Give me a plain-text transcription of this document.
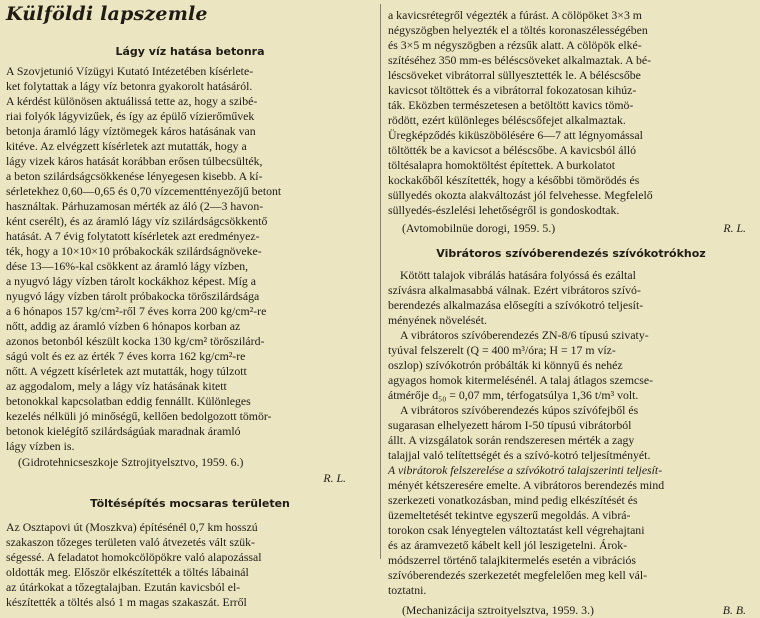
Külföldi lapszemle
Lágy víz hatása betonra
A Szovjetunió Vízügyi Kutató Intézetében kísérlete-
ket folytattak a lágy víz betonra gyakorolt hatásáról.
A kérdést különösen aktuálissá tette az, hogy a szibé-
riai folyók lágyvizűek, és így az épülő vízierőművek
betonja áramló lágy víztömegek káros hatásának van
kitéve. Az elvégzett kísérletek azt mutatták, hogy a
lágy vizek káros hatását korábban erősen túlbecsülték,
a beton szilárdságcsökkenése lényegesen kisebb. A kí-
sérletekhez 0,60—0,65 és 0,70 vízcementtényezőjű betont
használtak. Párhuzamosan mérték az áló (2—3 havon-
ként cserélt), és az áramló lágy víz szilárdságcsökkentő
hatását. A 7 évig folytatott kísérletek azt eredményez-
ték, hogy a 10×10×10 próbakockák szilárdságnöveke-
dése 13—16%-kal csökkent az áramló lágy vízben,
a nyugvó lágy vízben tárolt kockákhoz képest. Míg a
nyugvó lágy vízben tárolt próbakocka törőszilárdsága
a 6 hónapos 157 kg/cm²-ről 7 éves korra 200 kg/cm²-re
nőtt, addig az áramló vízben 6 hónapos korban az
azonos betonból készült kocka 130 kg/cm² törőszilárd-
ságú volt és ez az érték 7 éves korra 162 kg/cm²-re
nőtt. A végzett kísérletek azt mutatták, hogy túlzott
az aggodalom, mely a lágy víz hatásának kitett
betonokkal kapcsolatban eddig fennállt. Különleges
kezelés nélküli jó minőségű, kellően bedolgozott tömör-
betonok kielégítő szilárdságúak maradnak áramló
lágy vízben is.
(Gidrotehnicseszkoje Sztrojityelsztvo, 1959. 6.)
R. L.
Töltésépítés mocsaras területen
Az Osztapovi út (Moszkva) építésénél 0,7 km hosszú
szakaszon tőzeges területen való átvezetés vált szük-
ségessé. A feladatot homokcölöpökre való alapozással
oldották meg. Először elkészítették a töltés lábainál
az útárkokat a tőzegtalajban. Ezután kavicsból el-
készítették a töltés alsó 1 m magas szakaszát. Erről
a kavicsrétegről végezték a fúrást. A cölöpöket 3×3 m
négyszögben helyezték el a töltés koronaszélességében
és 3×5 m négyszögben a rézsűk alatt. A cölöpök elké-
szítéséhez 350 mm-es béléscsöveket alkalmaztak. A bé-
léscsöveket vibrátorral süllyesztették le. A béléscsőbe
kavicsot töltöttek és a vibrátorral fokozatosan kihúz-
ták. Eközben természetesen a betöltött kavics tömö-
rödött, ezért különleges béléscsőfejet alkalmaztak.
Üregképződés kiküszöbölésére 6—7 att légnyomással
töltötték be a kavicsot a béléscsőbe. A kavicsból álló
töltésalapra homoktöltést építettek. A burkolatot
kockakőből készítették, hogy a későbbi tömörödés és
süllyedés okozta alakváltozást jól felvehesse. Megfelelő
süllyedés-észlelési lehetőségről is gondoskodtak.
(Avtomobilnüe dorogi, 1959. 5.)	R. L.
Vibrátoros szívóberendezés szívókotrókhoz
Kötött talajok vibrálás hatására folyóssá és ezáltal
szívásra alkalmasabbá válnak. Ezért vibrátoros szívó-
berendezés alkalmazása elősegíti a szívókotró teljesít-
ményének növelését.
A vibrátoros szívóberendezés ZN-8/6 típusú szivaty-
tyúval felszerelt (Q = 400 m³/óra; H = 17 m víz-
oszlop) szívókotrón próbálták ki könnyű és nehéz
agyagos homok kitermelésénél. A talaj átlagos szemcse-
átmérője d₅₀ = 0,07 mm, térfogatsúlya 1,36 t/m³ volt.
A vibrátoros szívóberendezés kúpos szívófejből és
sugarasan elhelyezett három I-50 típusú vibrátorból
állt. A vizsgálatok során rendszeresen mérték a zagy
talajjal való telítettségét és a szívó-kotró teljesítményét.
A vibrátorok felszerelése a szívókotró talajszerinti teljesít-
ményét kétszeresére emelte. A vibrátoros berendezés mind
szerkezeti vonatkozásban, mind pedig elkészítését és
üzemeltetését tekintve egyszerű megoldás. A vibrá-
torokon csak lényegtelen változtatást kell végrehajtani
és az áramvezető kábelt kell jól leszigetelni. Árok-
módszerrel történő talajkitermelés esetén a vibrációs
szívóberendezés szerkezetét megfelelően meg kell vál-
toztatni.
(Mechanizácija sztroityelsztva, 1959. 3.)	B. B.
